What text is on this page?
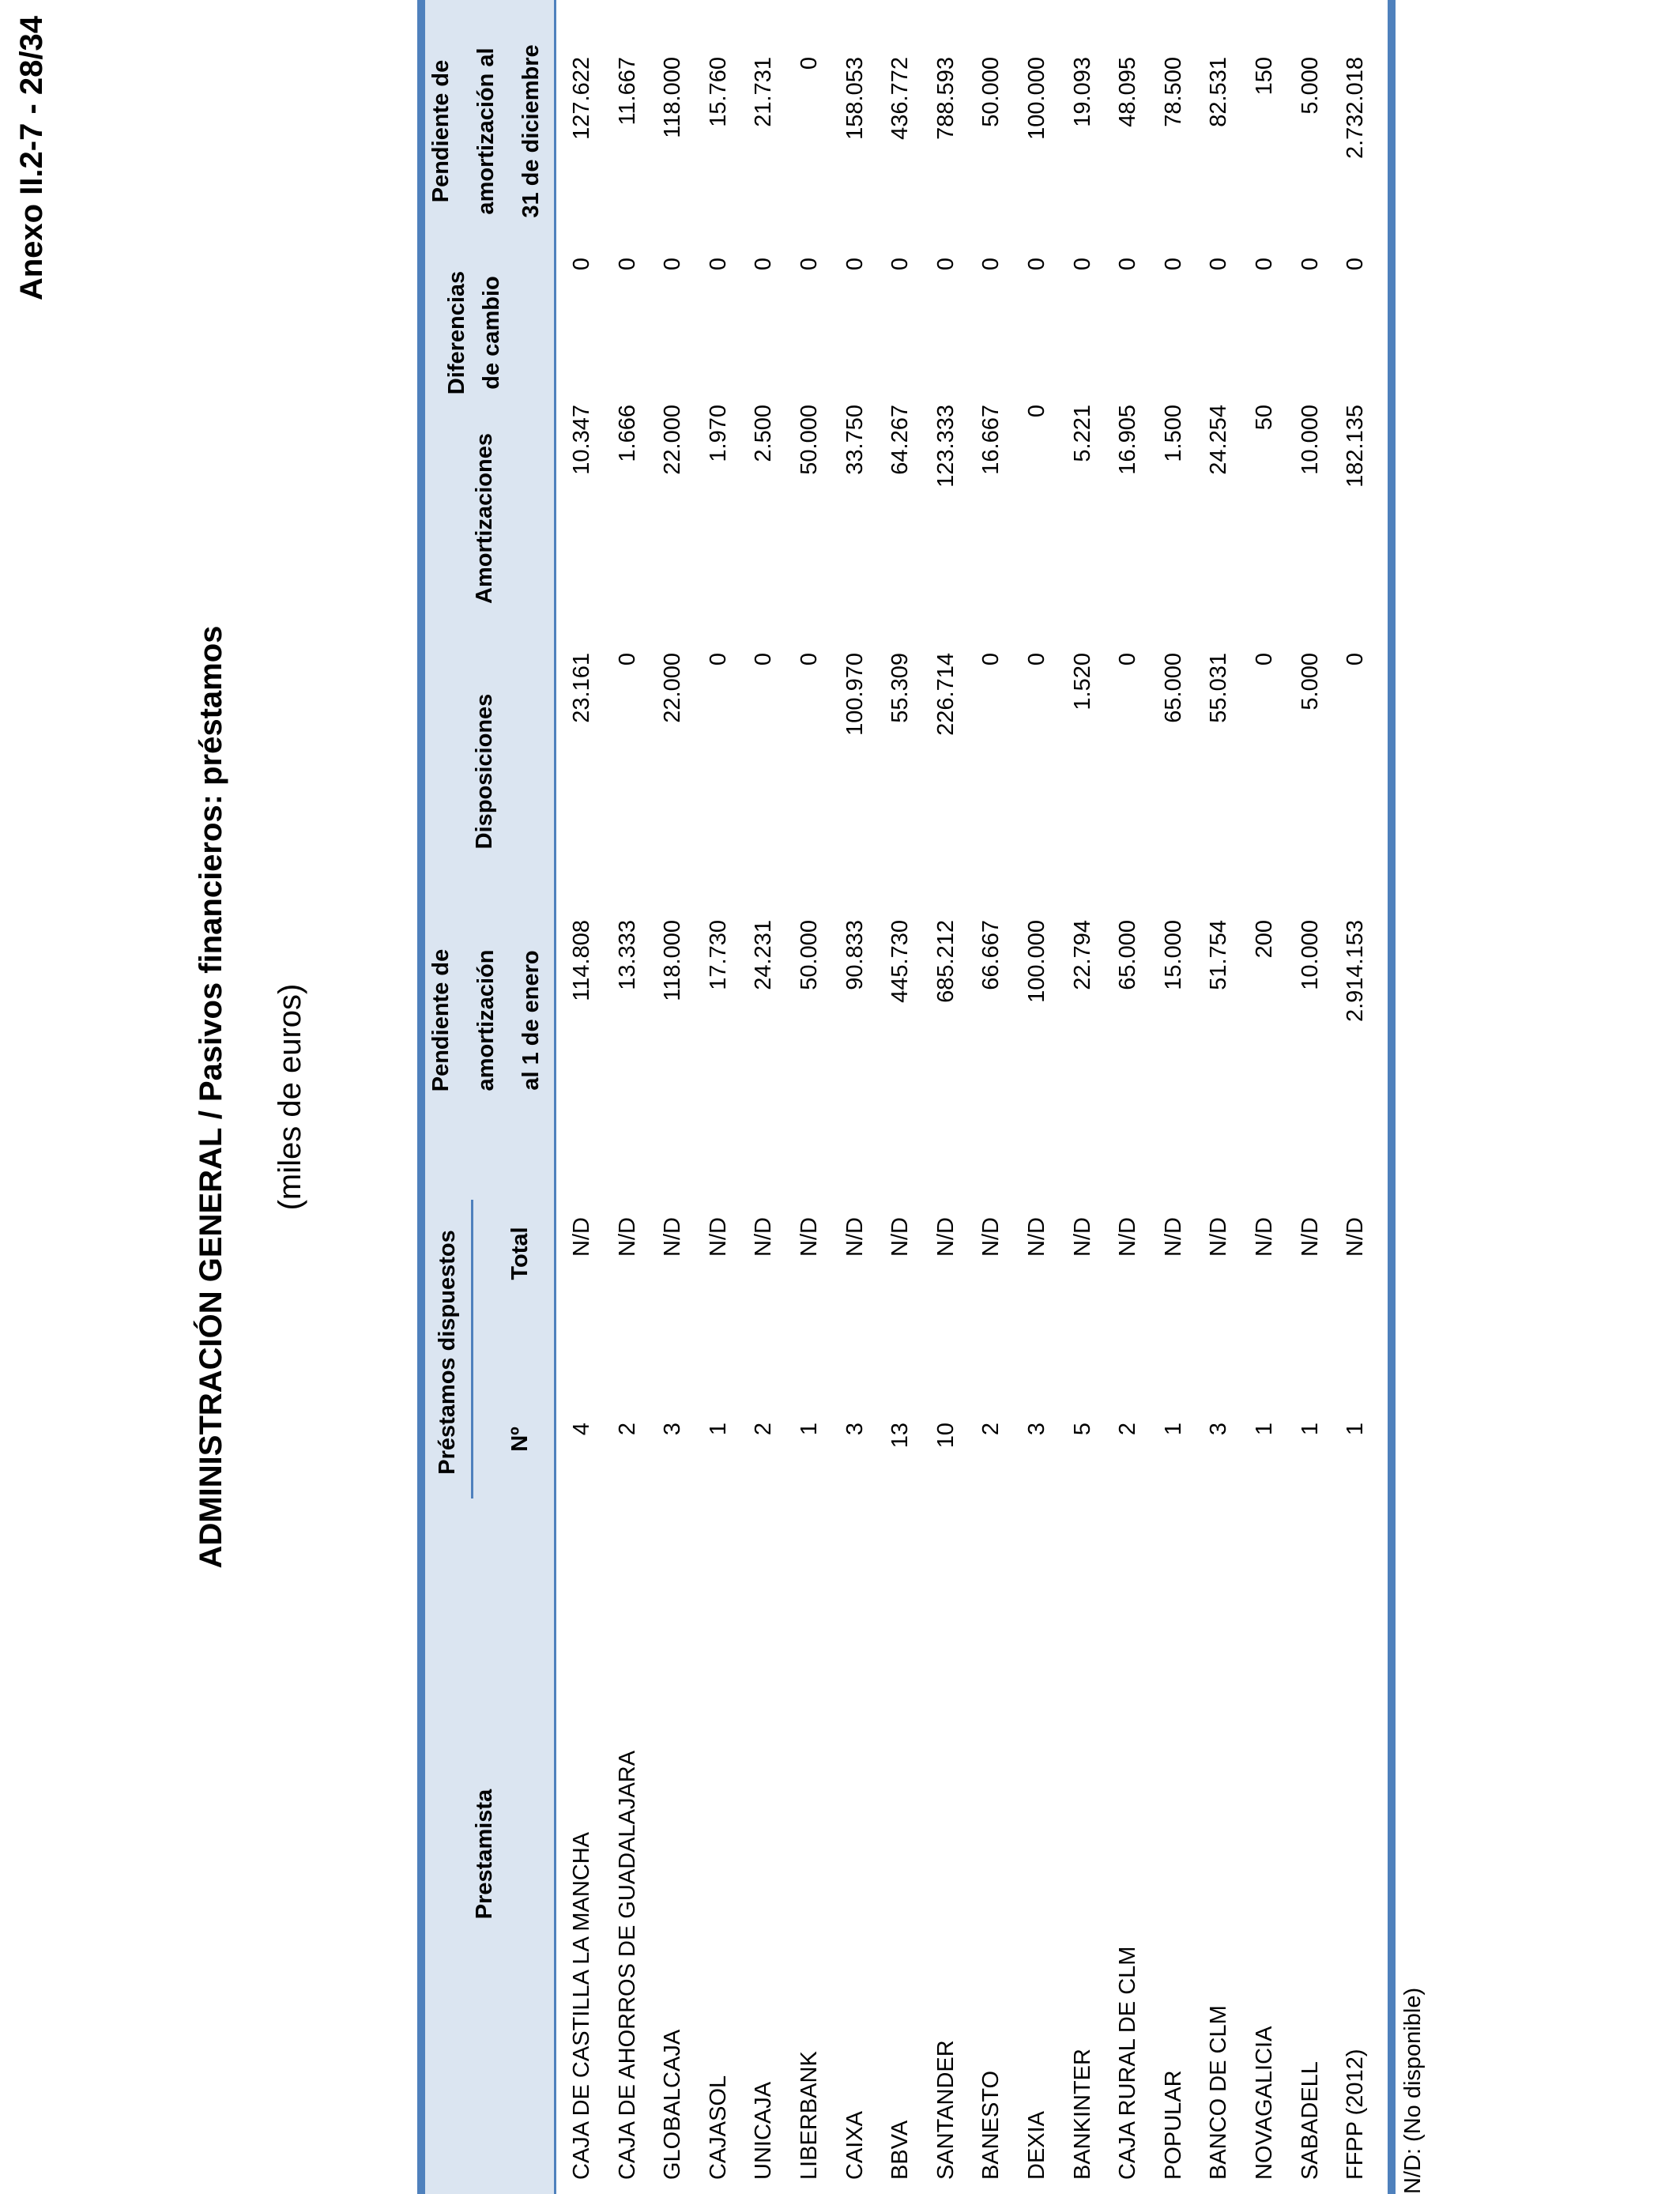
Anexo II.2-7 - 28/34
ADMINISTRACIÓN GENERAL / Pasivos financieros: préstamos (miles de euros)
Prestamista
Préstamos dispuestos	Nº
Total
Pendiente de amortización al 1 de enero
Disposiciones
Amortizaciones
Diferencias de cambio
Pendiente de amortización al 31 de diciembre
CAJA DE CASTILLA LA MANCHA
4
N/D
114.808
23.161
10.347
0
127.622
CAJA DE AHORROS DE GUADALAJARA
2
N/D
13.333
0
1.666
0
11.667
GLOBALCAJA
3
N/D
118.000
22.000
22.000
0
118.000
CAJASOL
1
N/D
17.730
0
1.970
0
15.760
UNICAJA
2
N/D
24.231
0
2.500
0
21.731
LIBERBANK
1
N/D
50.000
0
50.000
0
0
CAIXA
3
N/D
90.833
100.970
33.750
0
158.053
BBVA
13
N/D
445.730
55.309
64.267
0
436.772
SANTANDER
10
N/D
685.212
226.714
123.333
0
788.593
BANESTO
2
N/D
66.667
0
16.667
0
50.000
DEXIA
3
N/D
100.000
0
0
0
100.000
BANKINTER
5
N/D
22.794
1.520
5.221
0
19.093
CAJA RURAL DE CLM
2
N/D
65.000
0
16.905
0
48.095
POPULAR
1
N/D
15.000
65.000
1.500
0
78.500
BANCO DE CLM
3
N/D
51.754
55.031
24.254
0
82.531
NOVAGALICIA
1
N/D
200
0
50
0
150
SABADELL
1
N/D
10.000
5.000
10.000
0
5.000
FFPP (2012)
1
N/D
2.914.153
0
182.135
0
2.732.018
N/D: (No disponible)
